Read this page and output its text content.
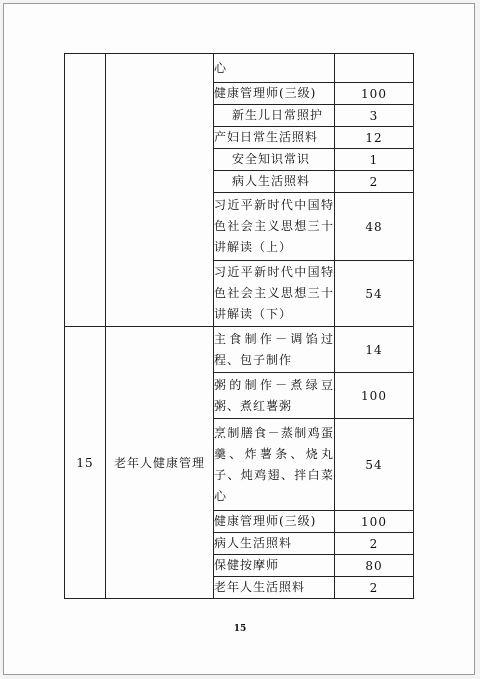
		心	
		健康管理师(三级)	100
		新生儿日常照护	3
		产妇日常生活照料	12
		安全知识常识	1
		病人生活照料	2
		习近平新时代中国特色社会主义思想三十讲解读（上）	48
		习近平新时代中国特色社会主义思想三十讲解读（下）	54
15	老年人健康管理	主食制作－调馅过程、包子制作	14
		粥的制作－煮绿豆粥、煮红薯粥	100
		烹制膳食－蒸制鸡蛋羹、炸薯条、烧丸子、炖鸡翅、拌白菜心	54
		健康管理师(三级)	100
		病人生活照料	2
		保健按摩师	80
		老年人生活照料	2
15
